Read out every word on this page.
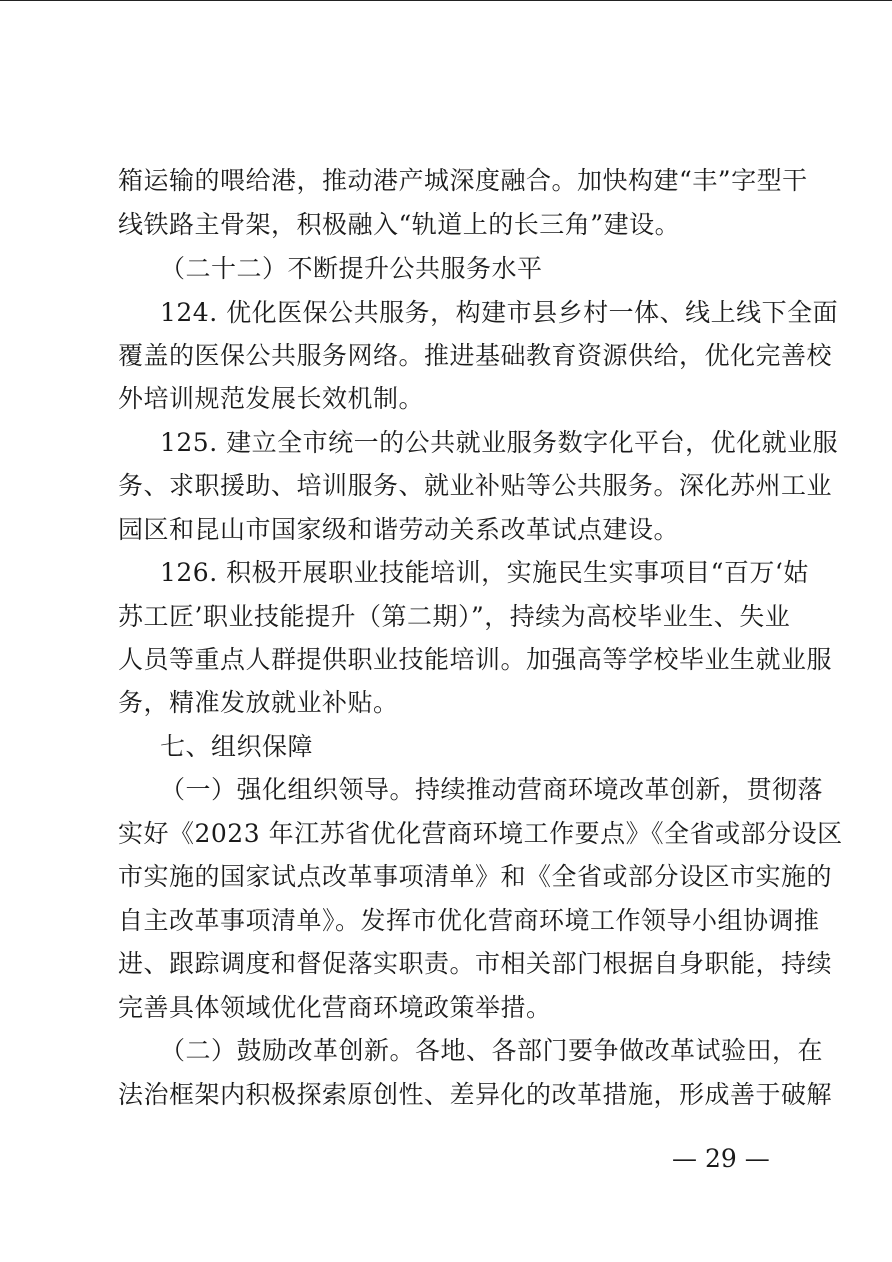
箱运输的喂给港，推动港产城深度融合。加快构建“丰”字型干
线铁路主骨架，积极融入“轨道上的长三角”建设。
（二十二）不断提升公共服务水平
124. 优化医保公共服务，构建市县乡村一体、线上线下全面
覆盖的医保公共服务网络。推进基础教育资源供给，优化完善校
外培训规范发展长效机制。
125. 建立全市统一的公共就业服务数字化平台，优化就业服
务、求职援助、培训服务、就业补贴等公共服务。深化苏州工业
园区和昆山市国家级和谐劳动关系改革试点建设。
126. 积极开展职业技能培训，实施民生实事项目“百万‘姑
苏工匠’职业技能提升（第二期）”，持续为高校毕业生、失业
人员等重点人群提供职业技能培训。加强高等学校毕业生就业服
务，精准发放就业补贴。
七、组织保障
（一）强化组织领导。持续推动营商环境改革创新，贯彻落
实好《2023 年江苏省优化营商环境工作要点》《全省或部分设区
市实施的国家试点改革事项清单》和《全省或部分设区市实施的
自主改革事项清单》。发挥市优化营商环境工作领导小组协调推
进、跟踪调度和督促落实职责。市相关部门根据自身职能，持续
完善具体领域优化营商环境政策举措。
（二）鼓励改革创新。各地、各部门要争做改革试验田，在
法治框架内积极探索原创性、差异化的改革措施，形成善于破解
— 29 —
